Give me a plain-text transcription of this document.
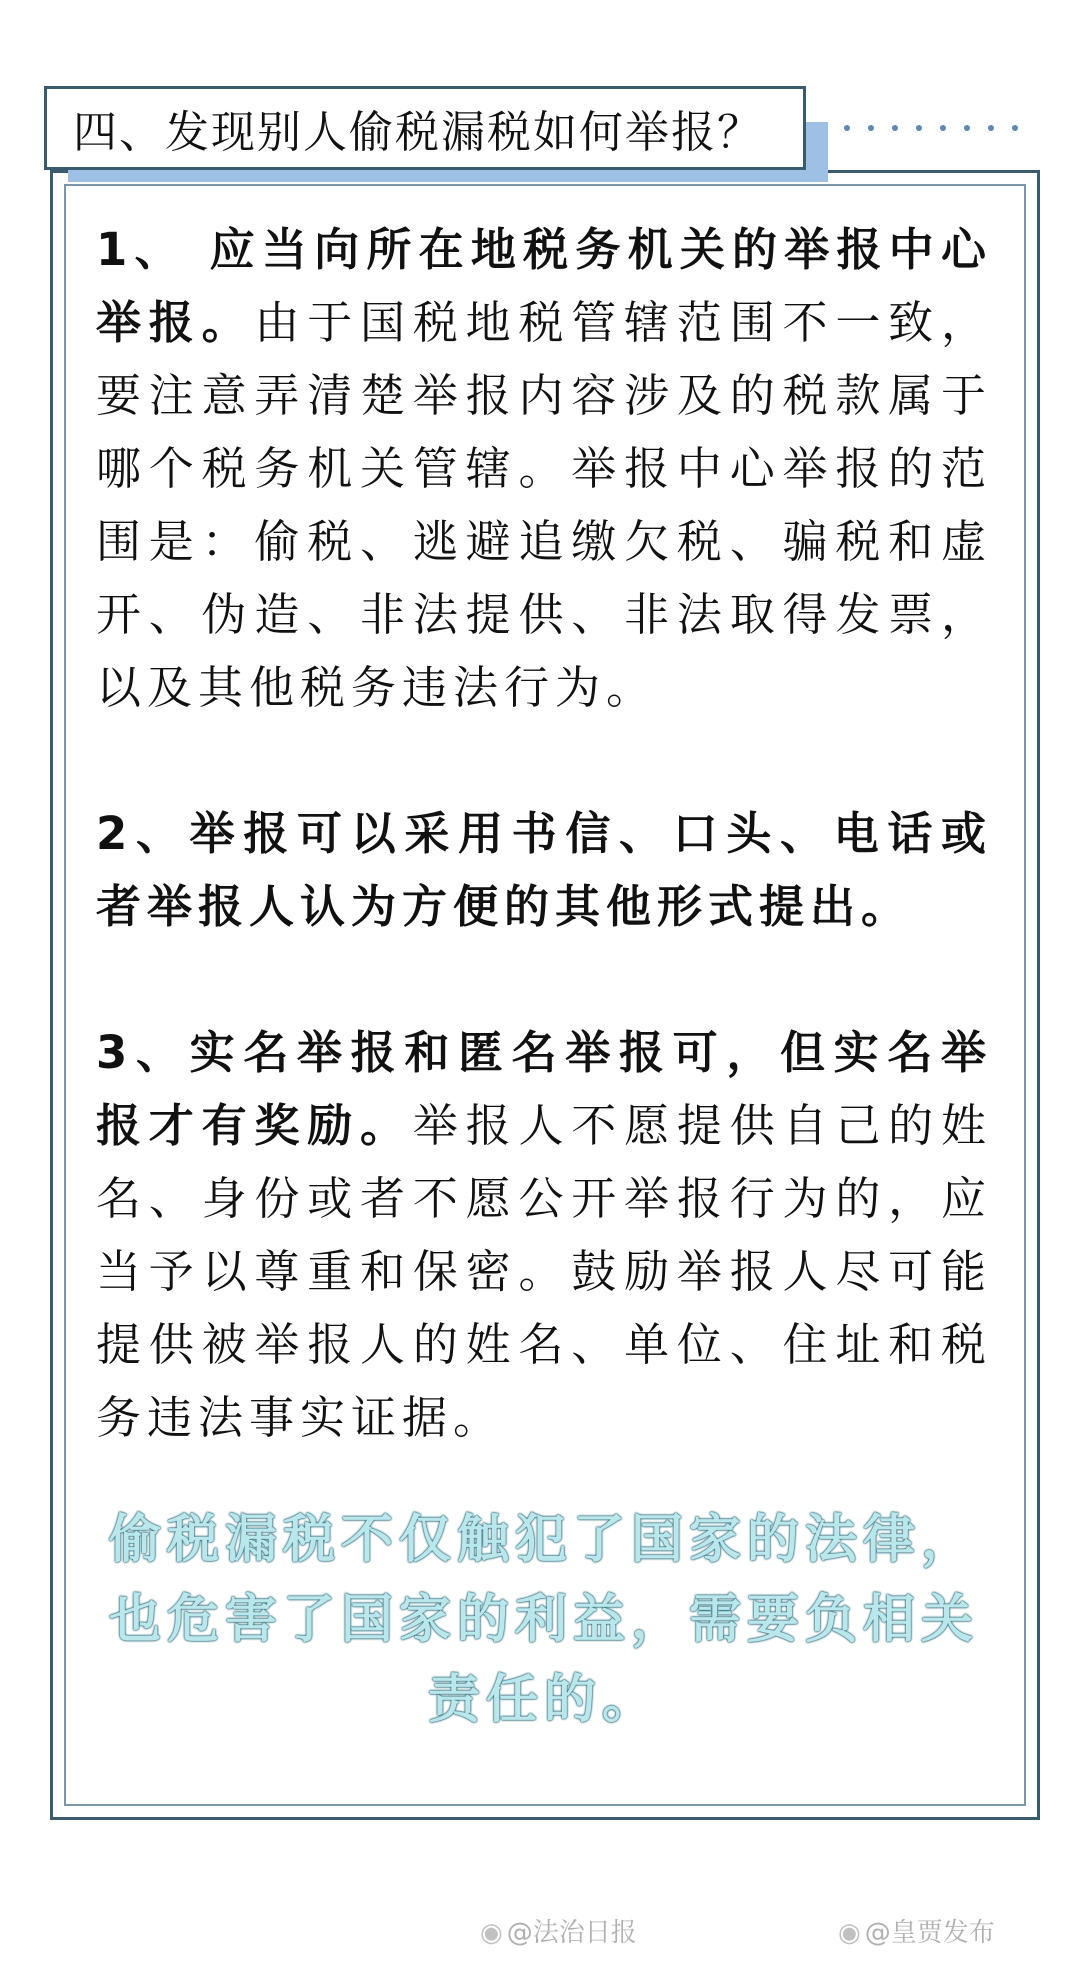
四、发现别人偷税漏税如何举报？

1、 应当向所在地税务机关的举报中心举报。由于国税地税管辖范围不一致，要注意弄清楚举报内容涉及的税款属于哪个税务机关管辖。举报中心举报的范围是：偷税、逃避追缴欠税、骗税和虚开、伪造、非法提供、非法取得发票，以及其他税务违法行为。

2、举报可以采用书信、口头、电话或者举报人认为方便的其他形式提出。

3、实名举报和匿名举报可，但实名举报才有奖励。举报人不愿提供自己的姓名、身份或者不愿公开举报行为的，应当予以尊重和保密。鼓励举报人尽可能提供被举报人的姓名、单位、住址和税务违法事实证据。

偷税漏税不仅触犯了国家的法律，也危害了国家的利益，需要负相关责任的。
◉ @法治日报	◉ @皇贾发布
